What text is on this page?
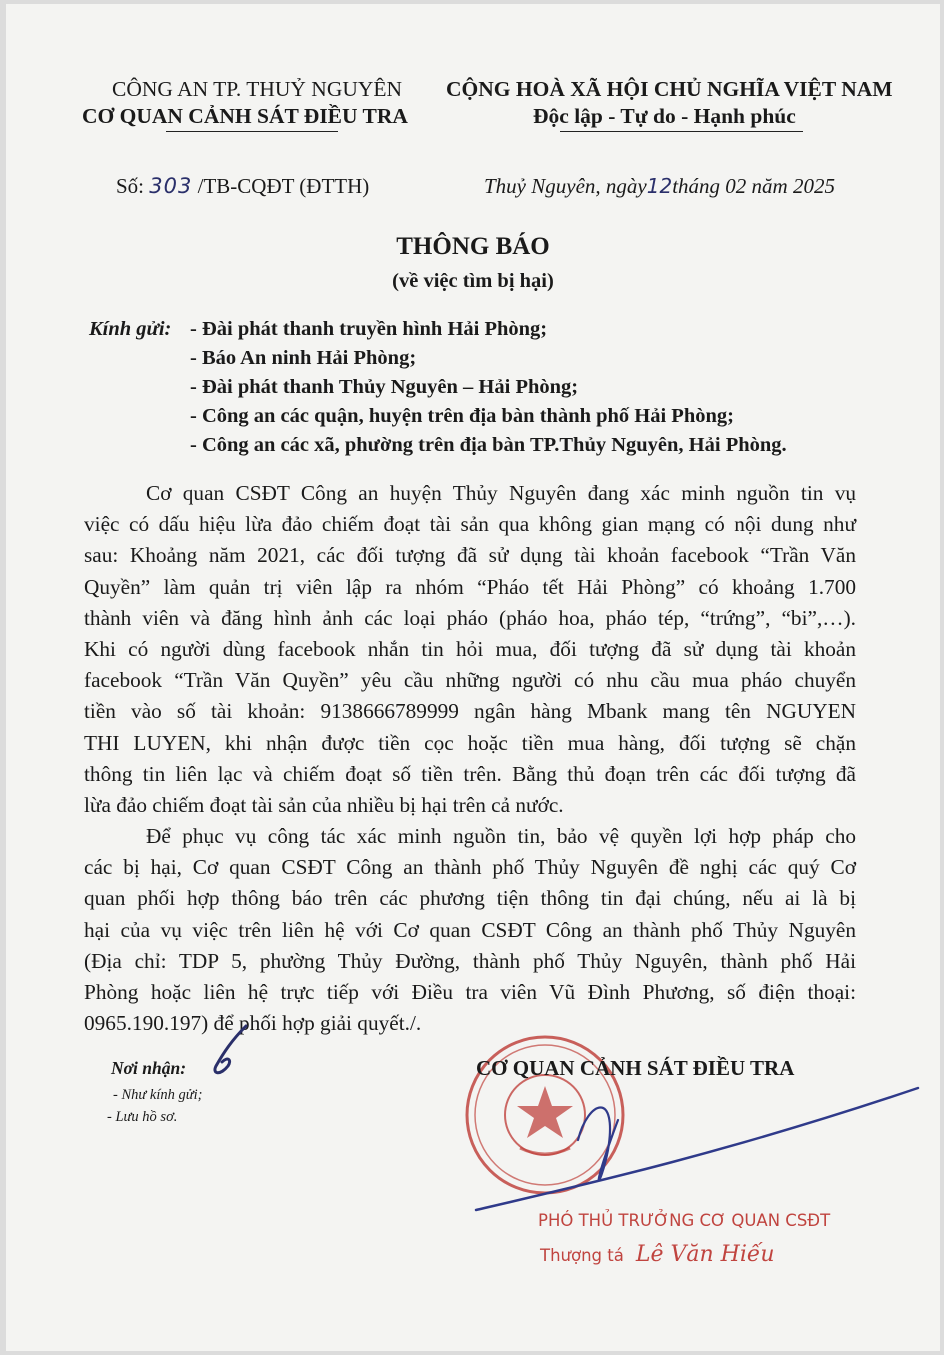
CÔNG AN TP. THUỶ NGUYÊN
CƠ QUAN CẢNH SÁT ĐIỀU TRA
CỘNG HOÀ XÃ HỘI CHỦ NGHĨA VIỆT NAM
Độc lập - Tự do - Hạnh phúc
Số: 303 /TB-CQĐT (ĐTTH)	Thuỷ Nguyên, ngày12tháng 02 năm 2025
THÔNG BÁO
(về việc tìm bị hại)
Kính gửi: - Đài phát thanh truyền hình Hải Phòng;
- Báo An ninh Hải Phòng;
- Đài phát thanh Thủy Nguyên – Hải Phòng;
- Công an các quận, huyện trên địa bàn thành phố Hải Phòng;
- Công an các xã, phường trên địa bàn TP.Thủy Nguyên, Hải Phòng.
Cơ quan CSĐT Công an huyện Thủy Nguyên đang xác minh nguồn tin vụ
việc có dấu hiệu lừa đảo chiếm đoạt tài sản qua không gian mạng có nội dung như
sau: Khoảng năm 2021, các đối tượng đã sử dụng tài khoản facebook “Trần Văn
Quyền” làm quản trị viên lập ra nhóm “Pháo tết Hải Phòng” có khoảng 1.700
thành viên và đăng hình ảnh các loại pháo (pháo hoa, pháo tép, “trứng”, “bi”,…).
Khi có người dùng facebook nhắn tin hỏi mua, đối tượng đã sử dụng tài khoản
facebook “Trần Văn Quyền” yêu cầu những người có nhu cầu mua pháo chuyển
tiền vào số tài khoản: 9138666789999 ngân hàng Mbank mang tên NGUYEN
THI LUYEN, khi nhận được tiền cọc hoặc tiền mua hàng, đối tượng sẽ chặn
thông tin liên lạc và chiếm đoạt số tiền trên. Bằng thủ đoạn trên các đối tượng đã
lừa đảo chiếm đoạt tài sản của nhiều bị hại trên cả nước.
Để phục vụ công tác xác minh nguồn tin, bảo vệ quyền lợi hợp pháp cho
các bị hại, Cơ quan CSĐT Công an thành phố Thủy Nguyên đề nghị các quý Cơ
quan phối hợp thông báo trên các phương tiện thông tin đại chúng, nếu ai là bị
hại của vụ việc trên liên hệ với Cơ quan CSĐT Công an thành phố Thủy Nguyên
(Địa chỉ: TDP 5, phường Thủy Đường, thành phố Thủy Nguyên, thành phố Hải
Phòng hoặc liên hệ trực tiếp với Điều tra viên Vũ Đình Phương, số điện thoại:
0965.190.197) để phối hợp giải quyết./.
Nơi nhận:
- Như kính gửi;
- Lưu hồ sơ.
CƠ QUAN CẢNH SÁT ĐIỀU TRA
PHÓ THỦ TRƯỞNG CƠ QUAN CSĐT
Thượng tá Lê Văn Hiếu
